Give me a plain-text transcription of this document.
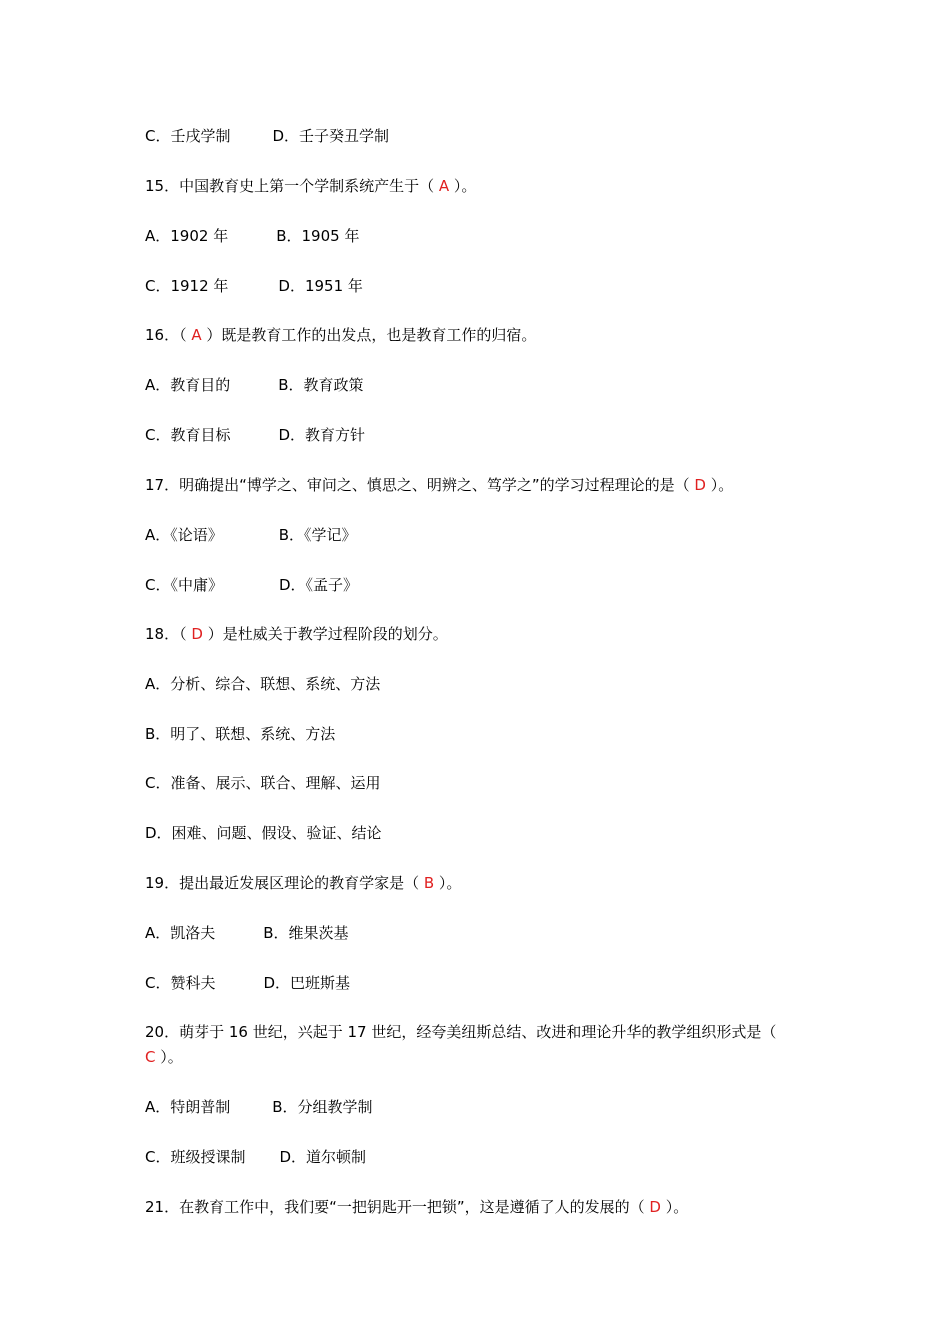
C．壬戌学制	D．壬子癸丑学制
15．中国教育史上第一个学制系统产生于（ A ）。
A．1902 年	B．1905 年
C．1912 年	D．1951 年
16．（ A ）既是教育工作的出发点，也是教育工作的归宿。
A．教育目的	B．教育政策
C．教育目标	D．教育方针
17．明确提出“博学之、审问之、慎思之、明辨之、笃学之”的学习过程理论的是（ D ）。
A．《论语》	B．《学记》
C．《中庸》	D．《孟子》
18．（ D ）是杜威关于教学过程阶段的划分。
A．分析、综合、联想、系统、方法
B．明了、联想、系统、方法
C．准备、展示、联合、理解、运用
D．困难、问题、假设、验证、结论
19．提出最近发展区理论的教育学家是（ B ）。
A．凯洛夫	B．维果茨基
C．赞科夫	D．巴班斯基
20．萌芽于 16 世纪，兴起于 17 世纪，经夸美纽斯总结、改进和理论升华的教学组织形式是（
C ）。
A．特朗普制	B．分组教学制
C．班级授课制 D．道尔顿制
21．在教育工作中，我们要“一把钥匙开一把锁”，这是遵循了人的发展的（ D ）。
